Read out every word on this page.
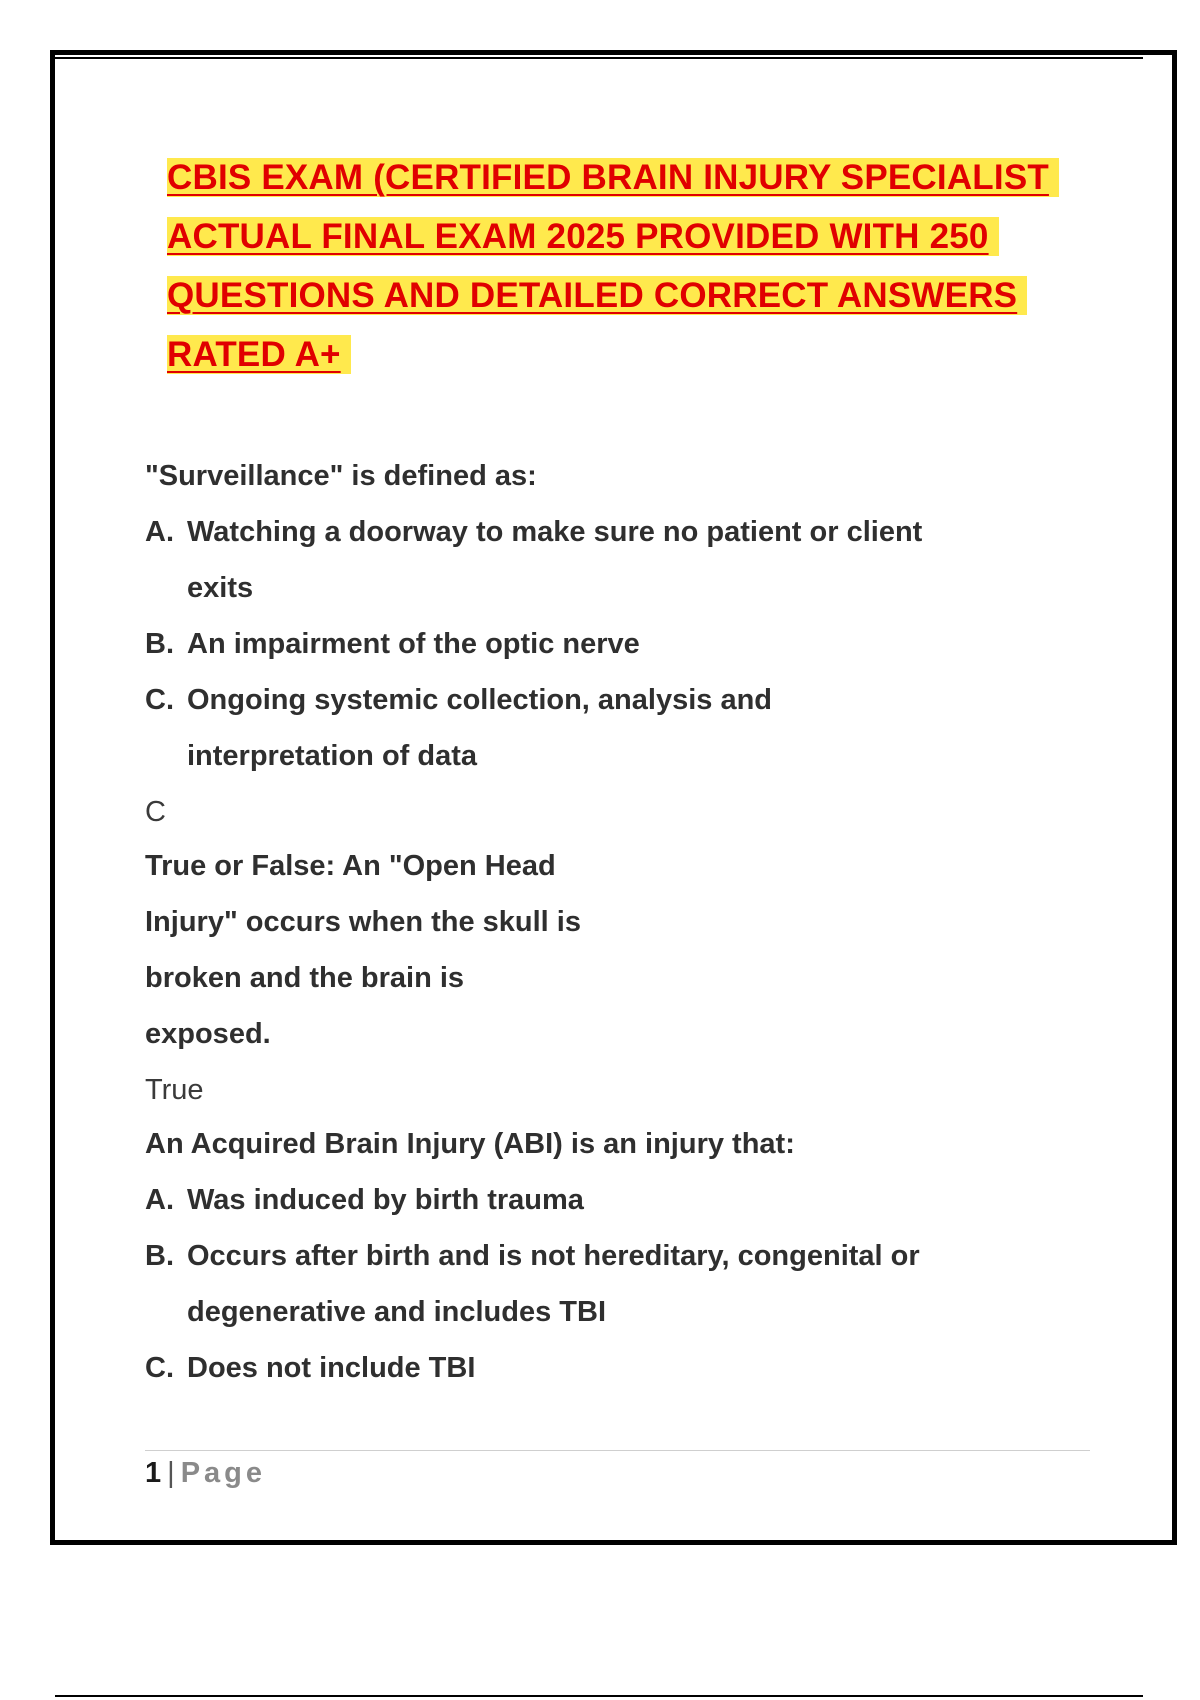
CBIS EXAM (CERTIFIED BRAIN INJURY SPECIALIST
ACTUAL FINAL EXAM 2025 PROVIDED WITH 250
QUESTIONS AND DETAILED CORRECT ANSWERS
RATED A+
"Surveillance" is defined as:
A. Watching a doorway to make sure no patient or client
exits
B. An impairment of the optic nerve
C. Ongoing systemic collection, analysis and
interpretation of data
C
True or False: An "Open Head
Injury" occurs when the skull is
broken and the brain is
exposed.
True
An Acquired Brain Injury (ABI) is an injury that:
A. Was induced by birth trauma
B. Occurs after birth and is not hereditary, congenital or
degenerative and includes TBI
C. Does not include TBI
1 | Page
